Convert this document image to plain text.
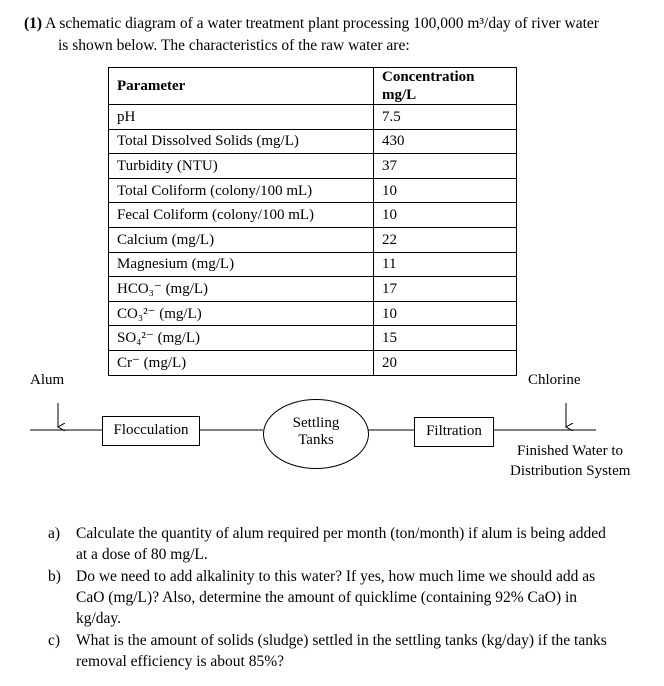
(1) A schematic diagram of a water treatment plant processing 100,000 m³/day of river water
is shown below. The characteristics of the raw water are:
Parameter	Concentration mg/L
pH	7.5
Total Dissolved Solids (mg/L)	430
Turbidity (NTU)	37
Total Coliform (colony/100 mL)	10
Fecal Coliform (colony/100 mL)	10
Calcium (mg/L)	22
Magnesium (mg/L)	11
HCO₃⁻ (mg/L)	17
CO₃²⁻ (mg/L)	10
SO₄²⁻ (mg/L)	15
Cr⁻ (mg/L)	20
Alum	Chlorine
Flocculation	Settling
Tanks
Filtration
Finished Water to
Distribution System
a) Calculate the quantity of alum required per month (ton/month) if alum is being added at a dose of 80 mg/L.
b) Do we need to add alkalinity to this water? If yes, how much lime we should add as CaO (mg/L)? Also, determine the amount of quicklime (containing 92% CaO) in kg/day.
c) What is the amount of solids (sludge) settled in the settling tanks (kg/day) if the tanks removal efficiency is about 85%?
